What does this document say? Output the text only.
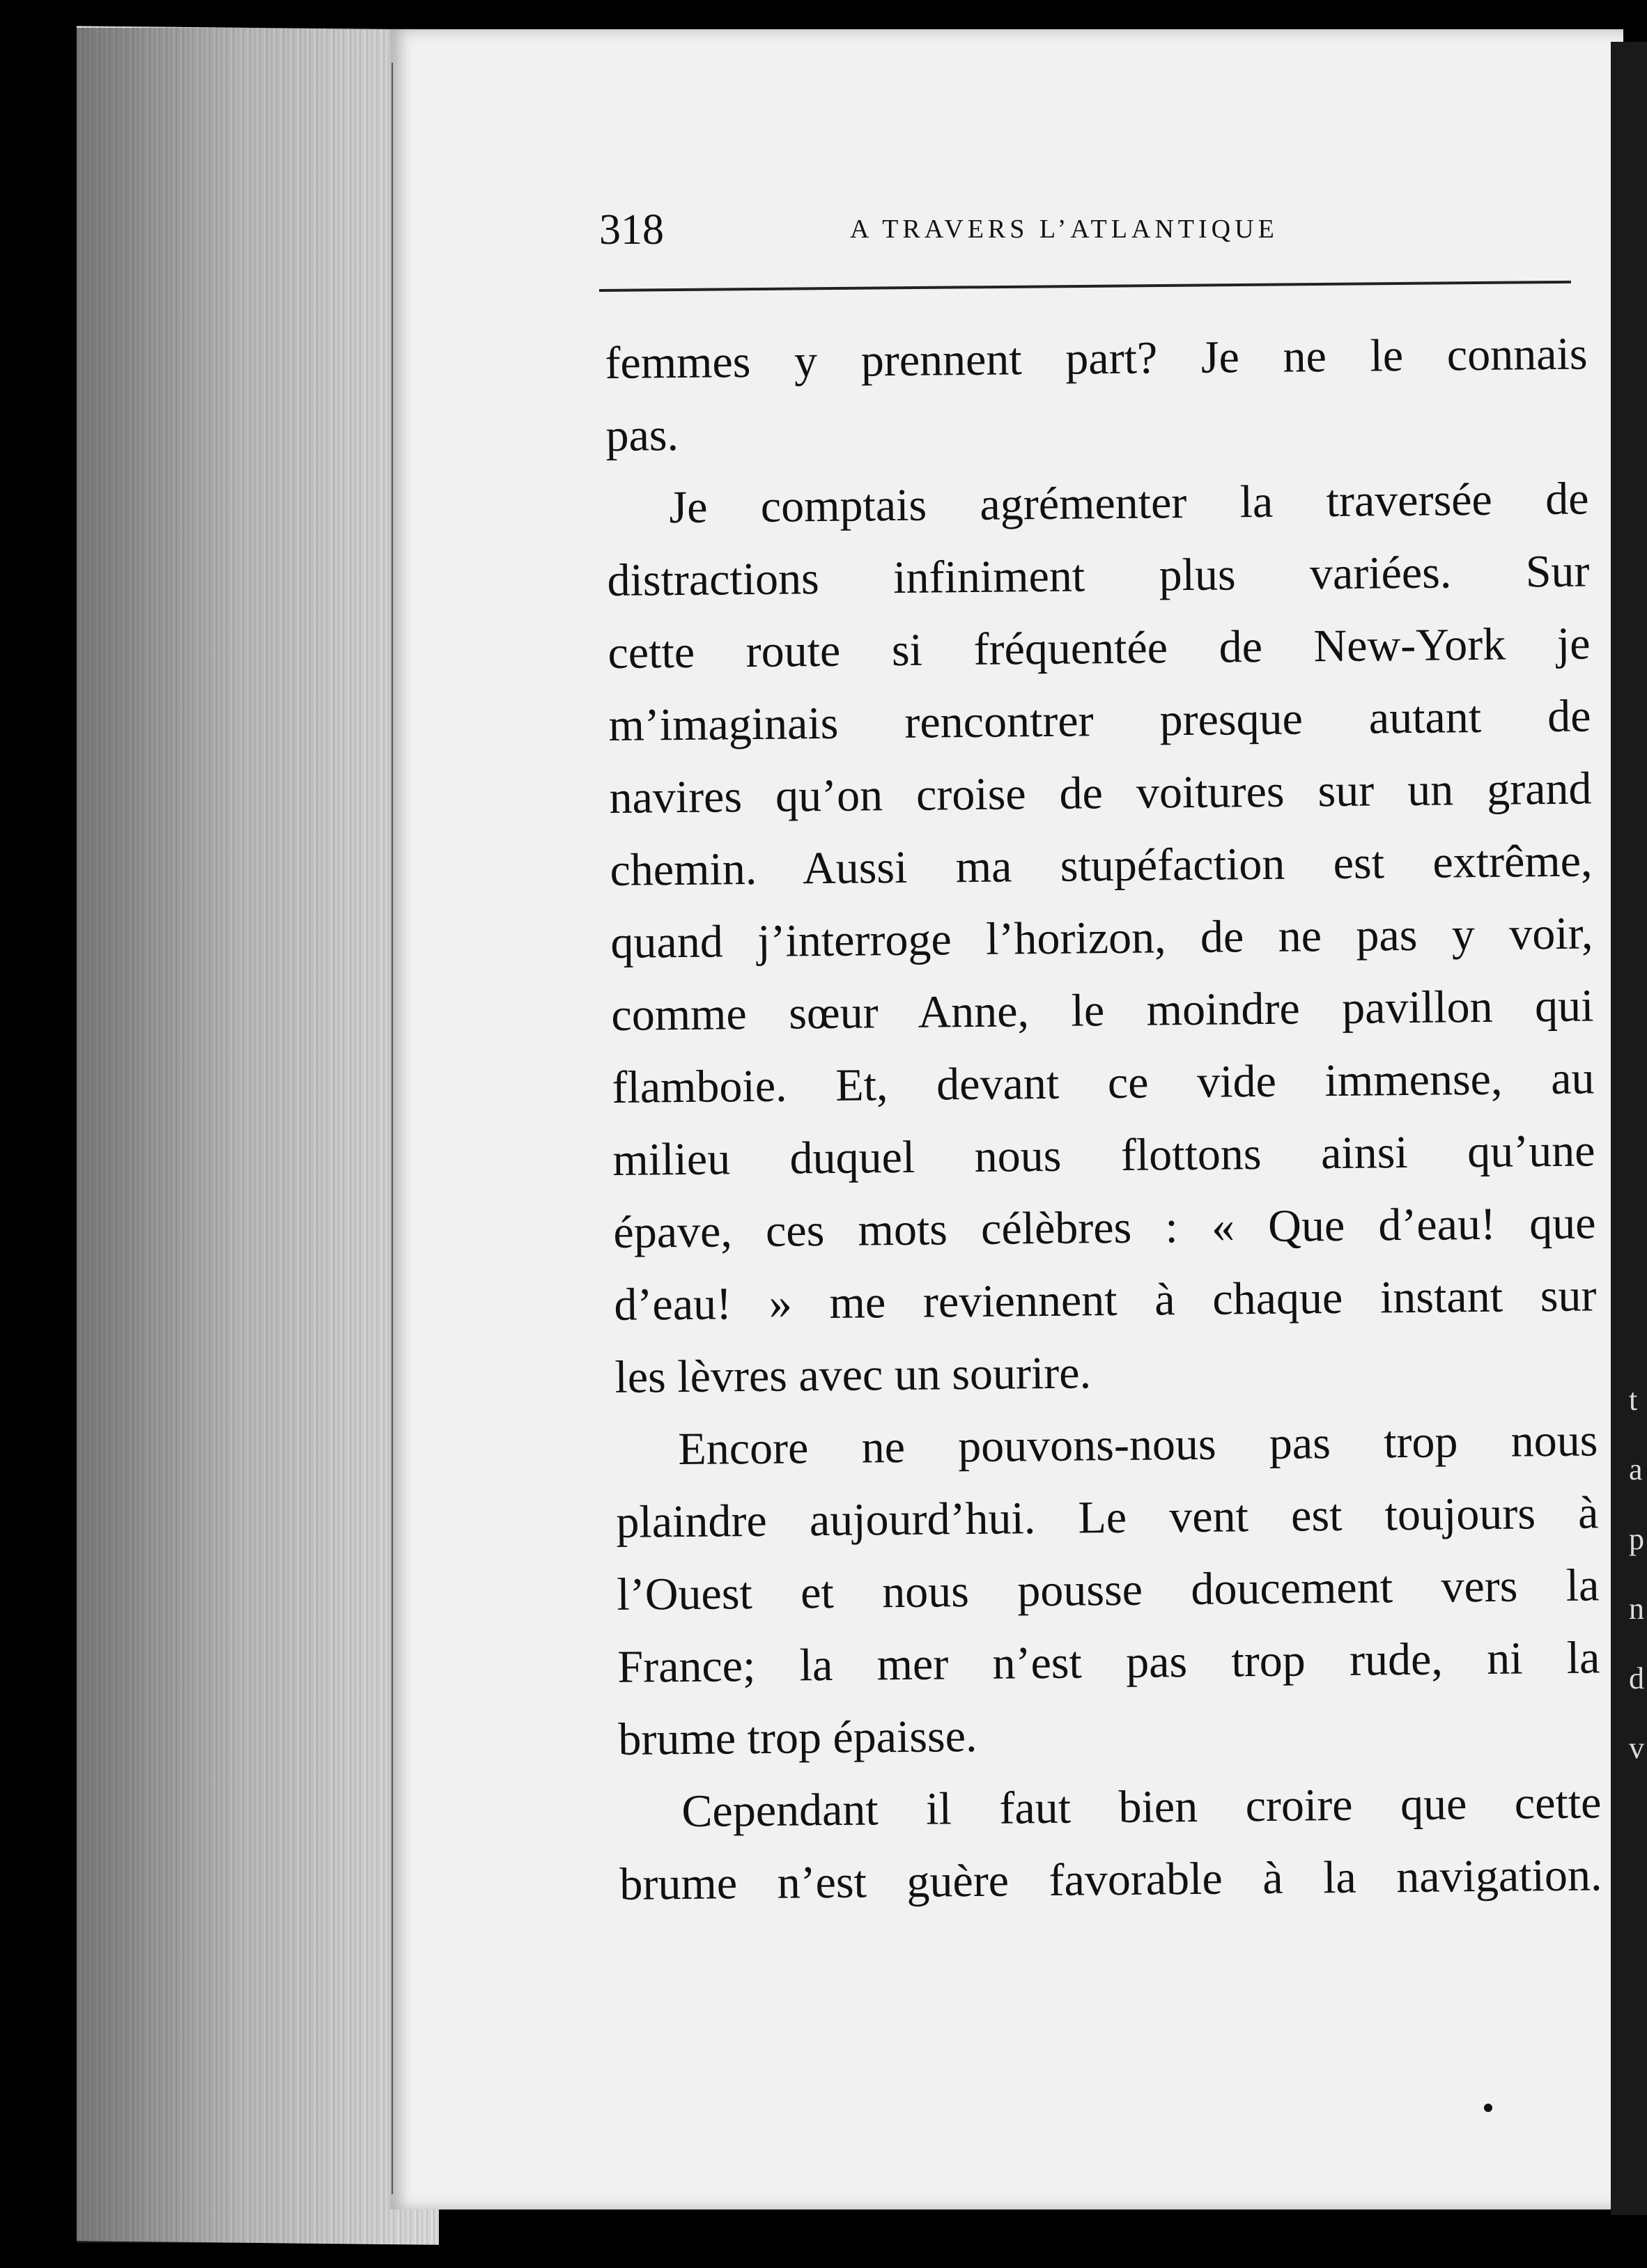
t
a
p
n
d
v
318	A TRAVERS L’ATLANTIQUE
femmes y prennent part? Je ne le connais
pas.
Je comptais agrémenter la traversée de
distractions infiniment plus variées. Sur
cette route si fréquentée de New-York je
m’imaginais rencontrer presque autant de
navires qu’on croise de voitures sur un grand
chemin. Aussi ma stupéfaction est extrême,
quand j’interroge l’horizon, de ne pas y voir,
comme sœur Anne, le moindre pavillon qui
flamboie. Et, devant ce vide immense, au
milieu duquel nous flottons ainsi qu’une
épave, ces mots célèbres : « Que d’eau! que
d’eau! » me reviennent à chaque instant sur
les lèvres avec un sourire.
Encore ne pouvons-nous pas trop nous
plaindre aujourd’hui. Le vent est toujours à
l’Ouest et nous pousse doucement vers la
France; la mer n’est pas trop rude, ni la
brume trop épaisse.
Cependant il faut bien croire que cette
brume n’est guère favorable à la navigation.
